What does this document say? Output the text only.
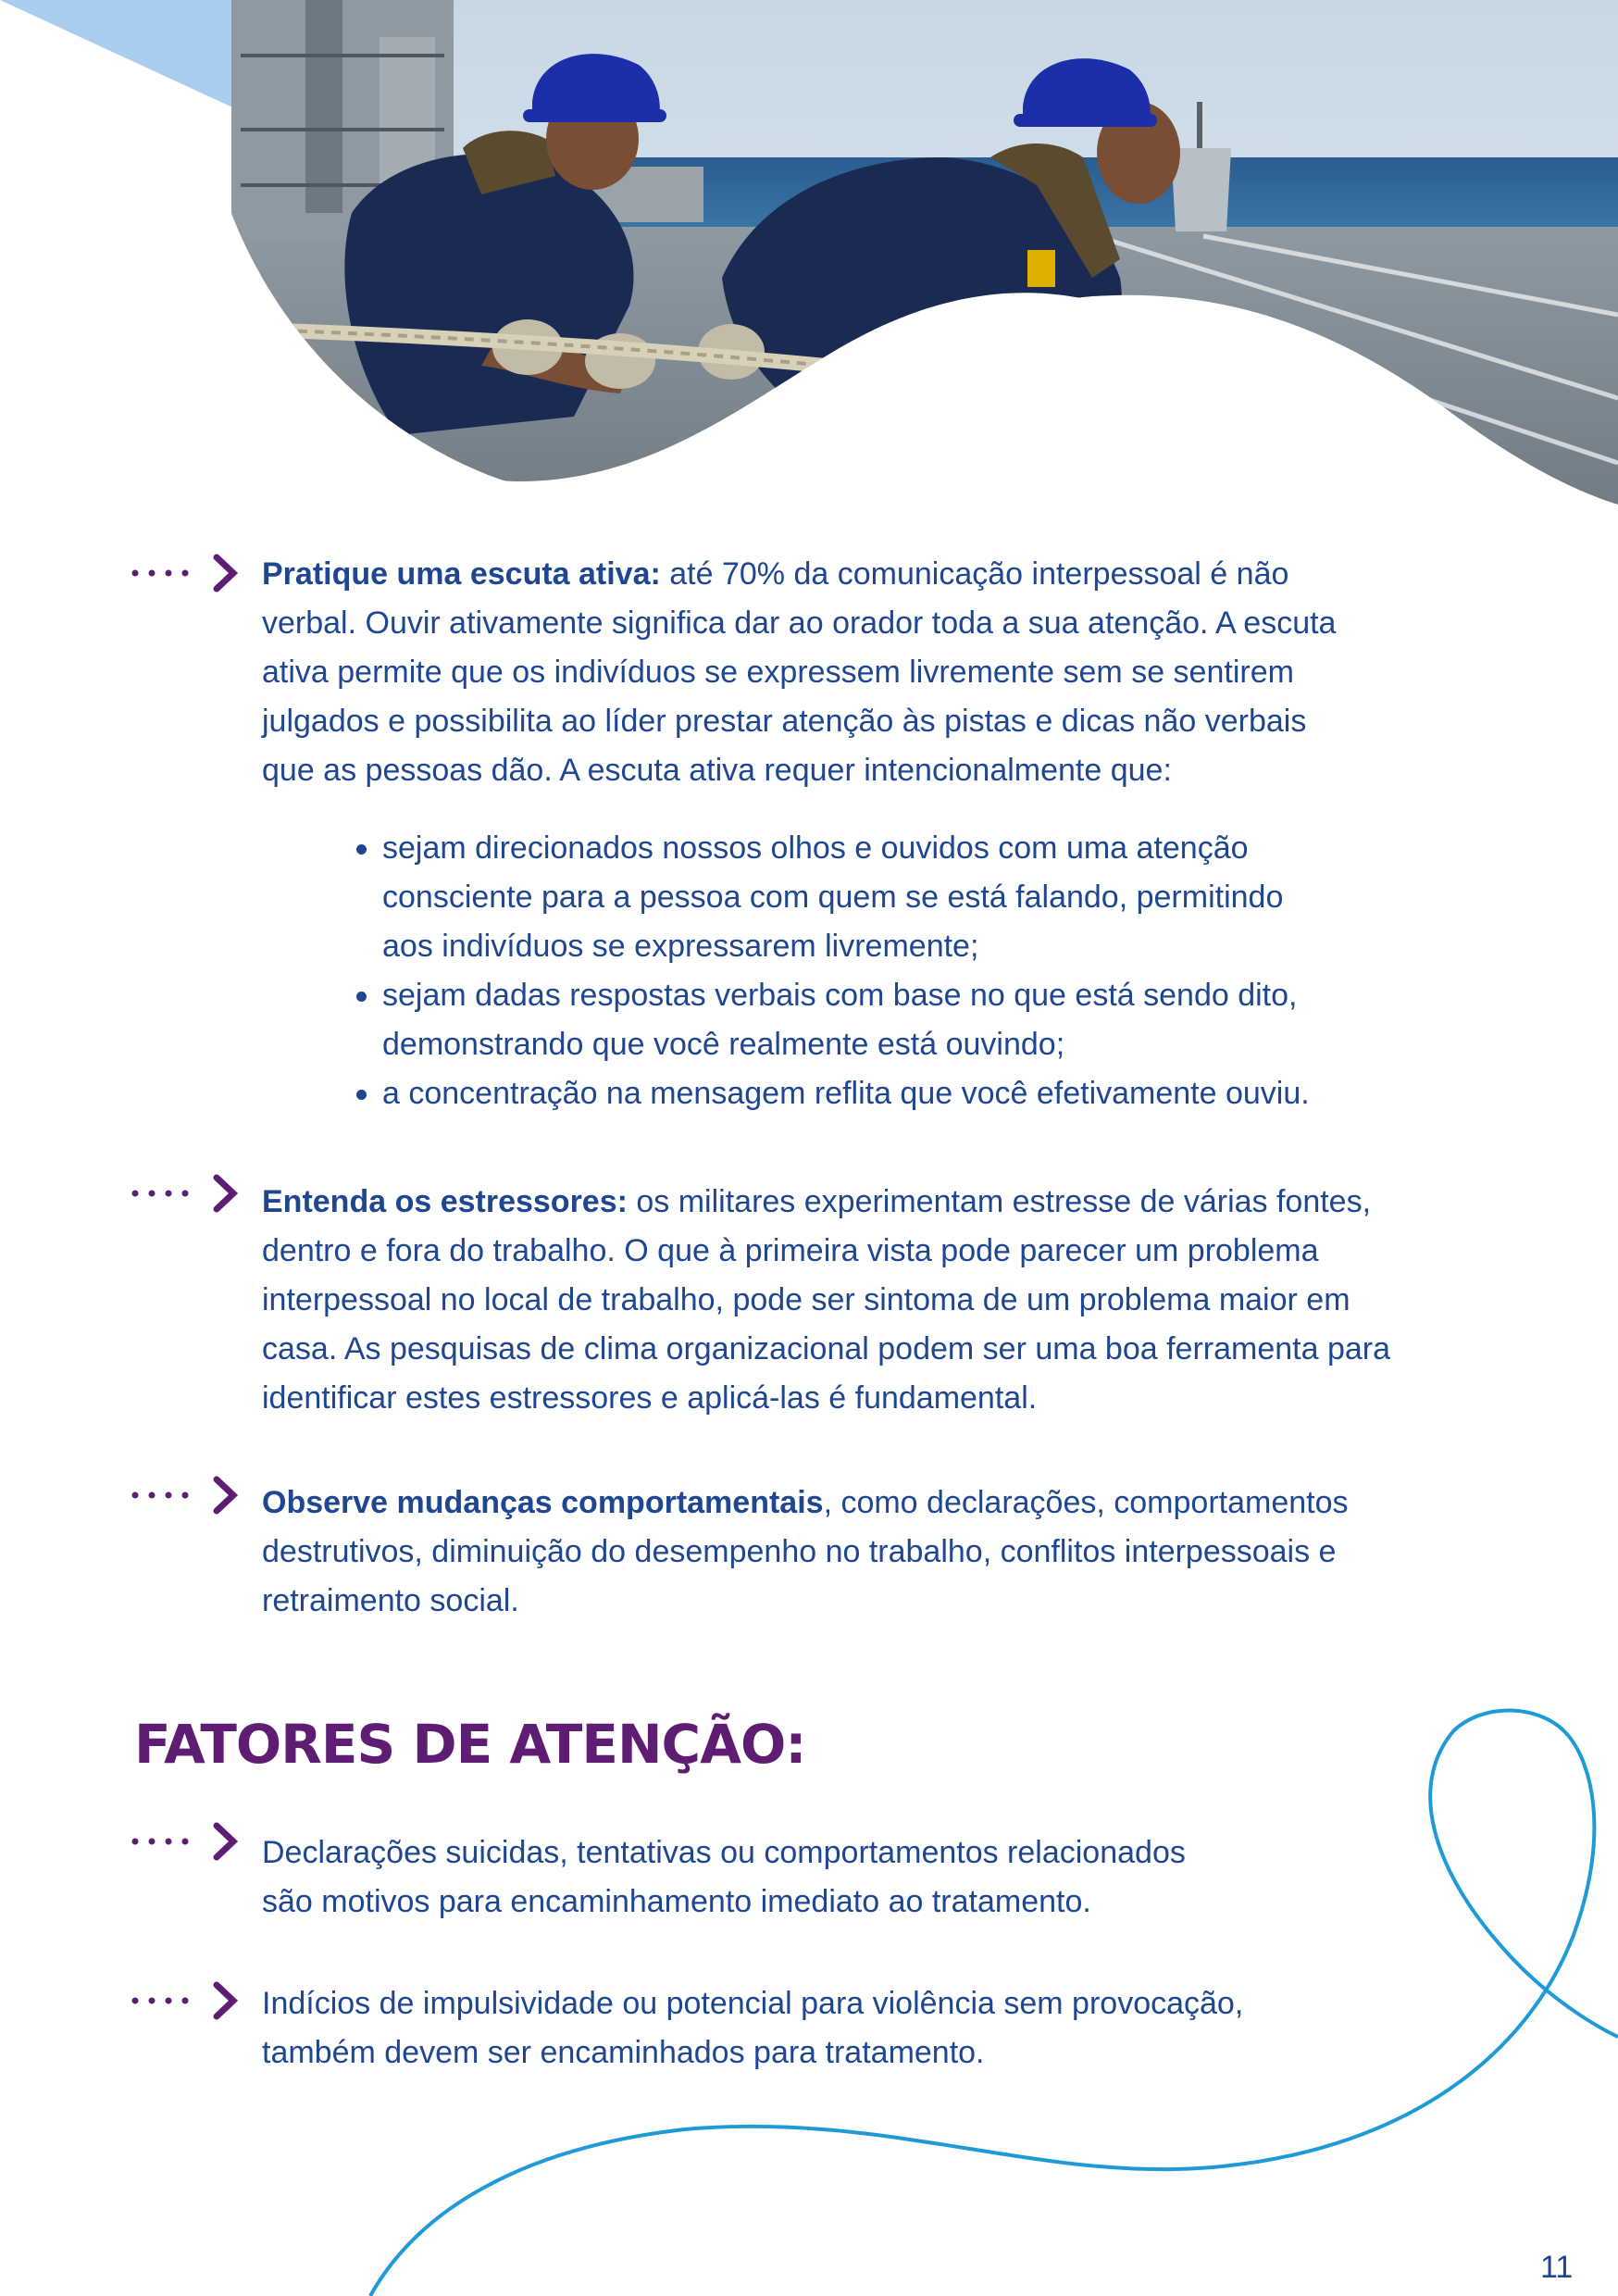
Pratique uma escuta ativa: até 70% da comunicação interpessoal é não
verbal. Ouvir ativamente significa dar ao orador toda a sua atenção. A escuta
ativa permite que os indivíduos se expressem livremente sem se sentirem
julgados e possibilita ao líder prestar atenção às pistas e dicas não verbais
que as pessoas dão. A escuta ativa requer intencionalmente que:
sejam direcionados nossos olhos e ouvidos com uma atenção
consciente para a pessoa com quem se está falando, permitindo
aos indivíduos se expressarem livremente;
sejam dadas respostas verbais com base no que está sendo dito,
demonstrando que você realmente está ouvindo;
a concentração na mensagem reflita que você efetivamente ouviu.
Entenda os estressores: os militares experimentam estresse de várias fontes,
dentro e fora do trabalho. O que à primeira vista pode parecer um problema
interpessoal no local de trabalho, pode ser sintoma de um problema maior em
casa. As pesquisas de clima organizacional podem ser uma boa ferramenta para
identificar estes estressores e aplicá-las é fundamental.
Observe mudanças comportamentais, como declarações, comportamentos
destrutivos, diminuição do desempenho no trabalho, conflitos interpessoais e
retraimento social.
FATORES DE ATENÇÃO:
Declarações suicidas, tentativas ou comportamentos relacionados
são motivos para encaminhamento imediato ao tratamento.
Indícios de impulsividade ou potencial para violência sem provocação,
também devem ser encaminhados para tratamento.
11
